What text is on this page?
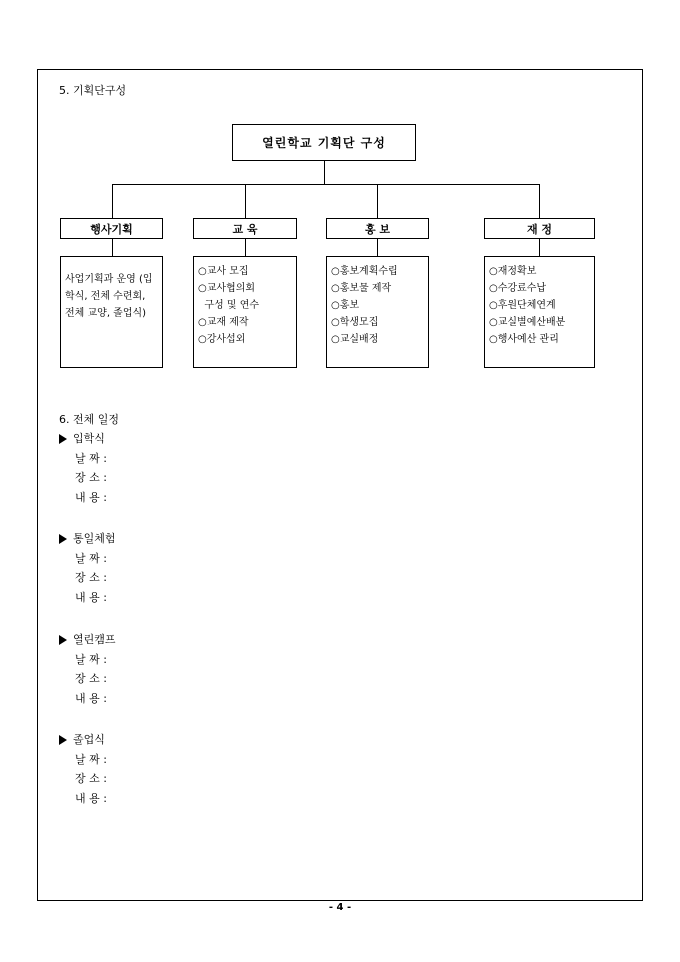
5. 기획단구성
열린학교 기획단 구성
행사기획	교 육	홍 보	재 정
사업기획과 운영 (입학식, 전체 수련회, 전체 교양, 졸업식)
○교사 모집
○교사협의회
구성 및 연수
○교재 제작
○강사섭외
○홍보계획수립
○홍보물 제작
○홍보
○학생모집
○교실배정
○재정확보
○수강료수납
○후원단체연계
○교실별예산배분
○행사예산 관리
6. 전체 일정
입학식
날 짜 :
장 소 :
내 용 :
통일체험
날 짜 :
장 소 :
내 용 :
열린캠프
날 짜 :
장 소 :
내 용 :
졸업식
날 짜 :
장 소 :
내 용 :
- 4 -
